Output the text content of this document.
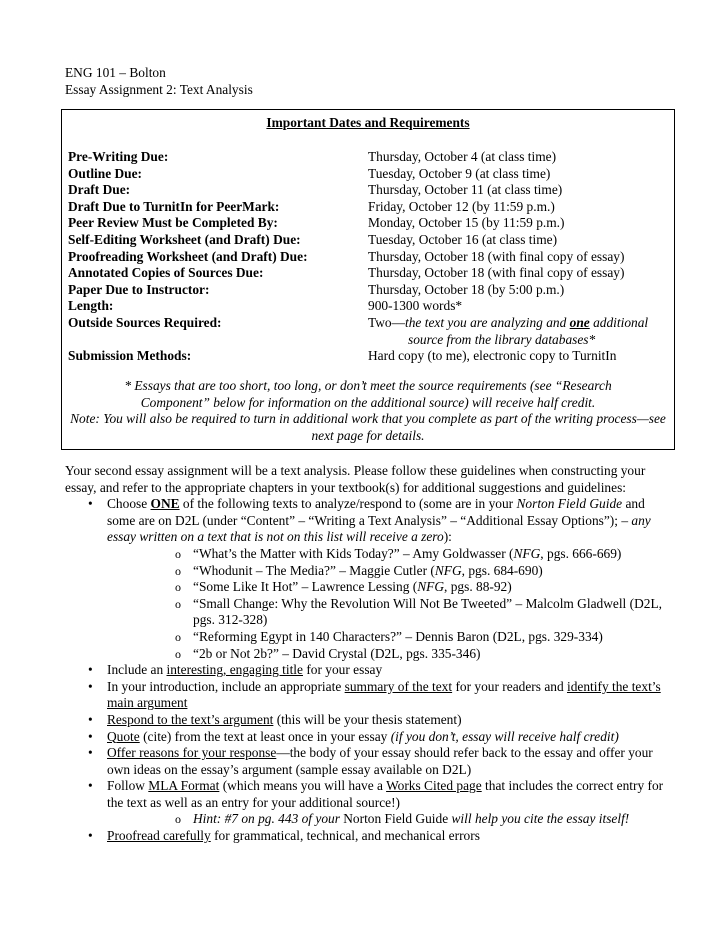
ENG 101 – Bolton
Essay Assignment 2: Text Analysis
Important Dates and Requirements
Pre-Writing Due:	Thursday, October 4 (at class time)
Outline Due:	Tuesday, October 9 (at class time)
Draft Due:	Thursday, October 11 (at class time)
Draft Due to TurnitIn for PeerMark:	Friday, October 12 (by 11:59 p.m.)
Peer Review Must be Completed By:	Monday, October 15 (by 11:59 p.m.)
Self-Editing Worksheet (and Draft) Due:	Tuesday, October 16 (at class time)
Proofreading Worksheet (and Draft) Due:	Thursday, October 18 (with final copy of essay)
Annotated Copies of Sources Due:	Thursday, October 18 (with final copy of essay)
Paper Due to Instructor:	Thursday, October 18 (by 5:00 p.m.)
Length:	900-1300 words*
Outside Sources Required:	Two—the text you are analyzing and one additional
source from the library databases*
Submission Methods:	Hard copy (to me), electronic copy to TurnitIn
* Essays that are too short, too long, or don’t meet the source requirements (see “Research Component” below for information on the additional source) will receive half credit.
Note: You will also be required to turn in additional work that you complete as part of the writing process—see next page for details.

Your second essay assignment will be a text analysis. Please follow these guidelines when constructing your essay, and refer to the appropriate chapters in your textbook(s) for additional suggestions and guidelines:

• Choose ONE of the following texts to analyze/respond to (some are in your Norton Field Guide and some are on D2L (under “Content” – “Writing a Text Analysis” – “Additional Essay Options”); – any essay written on a text that is not on this list will receive a zero):
o “What’s the Matter with Kids Today?” – Amy Goldwasser (NFG, pgs. 666-669)
o “Whodunit – The Media?” – Maggie Cutler (NFG, pgs. 684-690)
o “Some Like It Hot” – Lawrence Lessing (NFG, pgs. 88-92)
o “Small Change: Why the Revolution Will Not Be Tweeted” – Malcolm Gladwell (D2L, pgs. 312-328)
o “Reforming Egypt in 140 Characters?” – Dennis Baron (D2L, pgs. 329-334)
o “2b or Not 2b?” – David Crystal (D2L, pgs. 335-346)
• Include an interesting, engaging title for your essay
• In your introduction, include an appropriate summary of the text for your readers and identify the text’s main argument
• Respond to the text’s argument (this will be your thesis statement)
• Quote (cite) from the text at least once in your essay (if you don’t, essay will receive half credit)
• Offer reasons for your response—the body of your essay should refer back to the essay and offer your own ideas on the essay’s argument (sample essay available on D2L)
• Follow MLA Format (which means you will have a Works Cited page that includes the correct entry for the text as well as an entry for your additional source!)
o Hint: #7 on pg. 443 of your Norton Field Guide will help you cite the essay itself!
• Proofread carefully for grammatical, technical, and mechanical errors
